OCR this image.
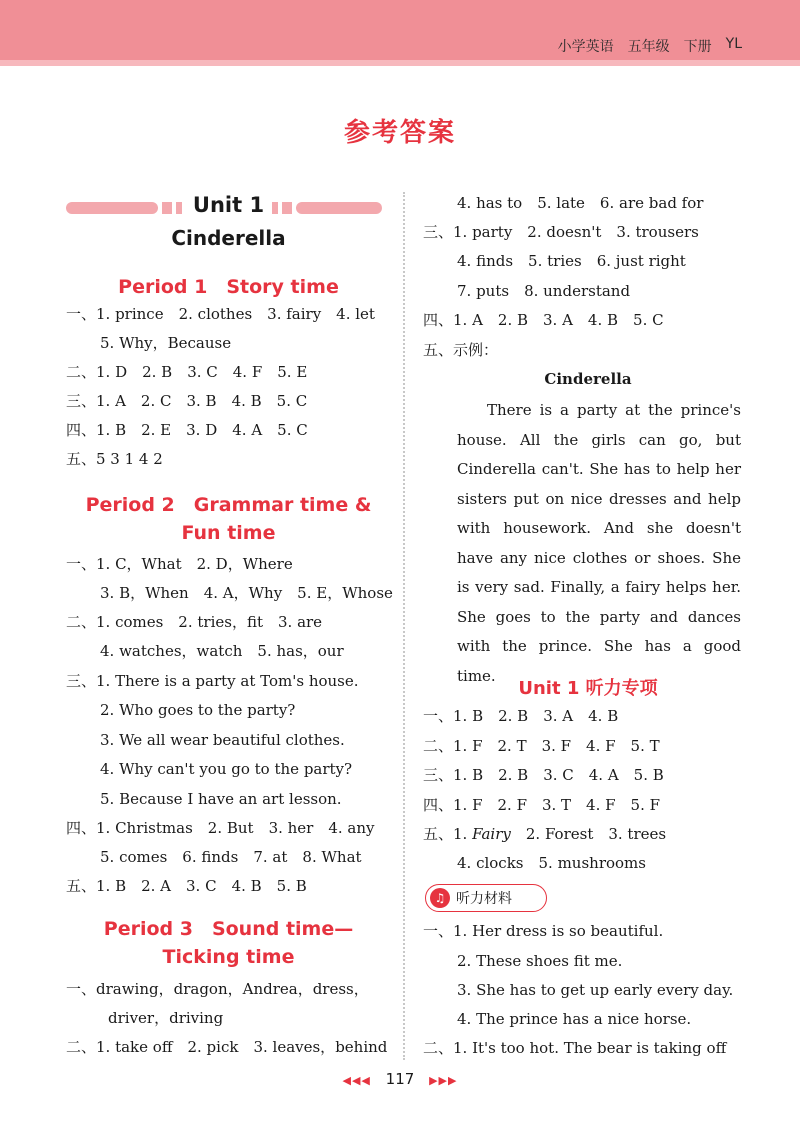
小学英语 五年级 下册 YL
参考答案
Unit 1
Cinderella
Period 1　Story time
一、1. prince　2. clothes　3. fairy　4. let
5. Why，Because
二、1. D　2. B　3. C　4. F　5. E
三、1. A　2. C　3. B　4. B　5. C
四、1. B　2. E　3. D　4. A　5. C
五、5 3 1 4 2
Period 2　Grammar time &
Fun time
一、1. C，What　2. D，Where
3. B，When　4. A，Why　5. E，Whose
二、1. comes　2. tries，fit　3. are
4. watches，watch　5. has，our
三、1. There is a party at Tom's house.
2. Who goes to the party?
3. We all wear beautiful clothes.
4. Why can't you go to the party?
5. Because I have an art lesson.
四、1. Christmas　2. But　3. her　4. any
5. comes　6. finds　7. at　8. What
五、1. B　2. A　3. C　4. B　5. B
Period 3　Sound time—
Ticking time
一、drawing，dragon，Andrea，dress，
driver，driving
二、1. take off　2. pick　3. leaves，behind
4. has to　5. late　6. are bad for
三、1. party　2. doesn't　3. trousers
4. finds　5. tries　6. just right
7. puts　8. understand
四、1. A　2. B　3. A　4. B　5. C
五、示例：
Cinderella
There is a party at the prince's house. All the girls can go, but Cinderella can't. She has to help her sisters put on nice dresses and help with housework. And she doesn't have any nice clothes or shoes. She is very sad. Finally, a fairy helps her. She goes to the party and dances with the prince. She has a good time.
Unit 1 听力专项
一、1. B　2. B　3. A　4. B
二、1. F　2. T　3. F　4. F　5. T
三、1. B　2. B　3. C　4. A　5. B
四、1. F　2. F　3. T　4. F　5. F
五、1. Fairy　2. Forest　3. trees
4. clocks　5. mushrooms
♫ 听力材料
一、1. Her dress is so beautiful.
2. These shoes fit me.
3. She has to get up early every day.
4. The prince has a nice horse.
二、1. It's too hot. The bear is taking off
◀◀◀ 117 ▶▶▶
